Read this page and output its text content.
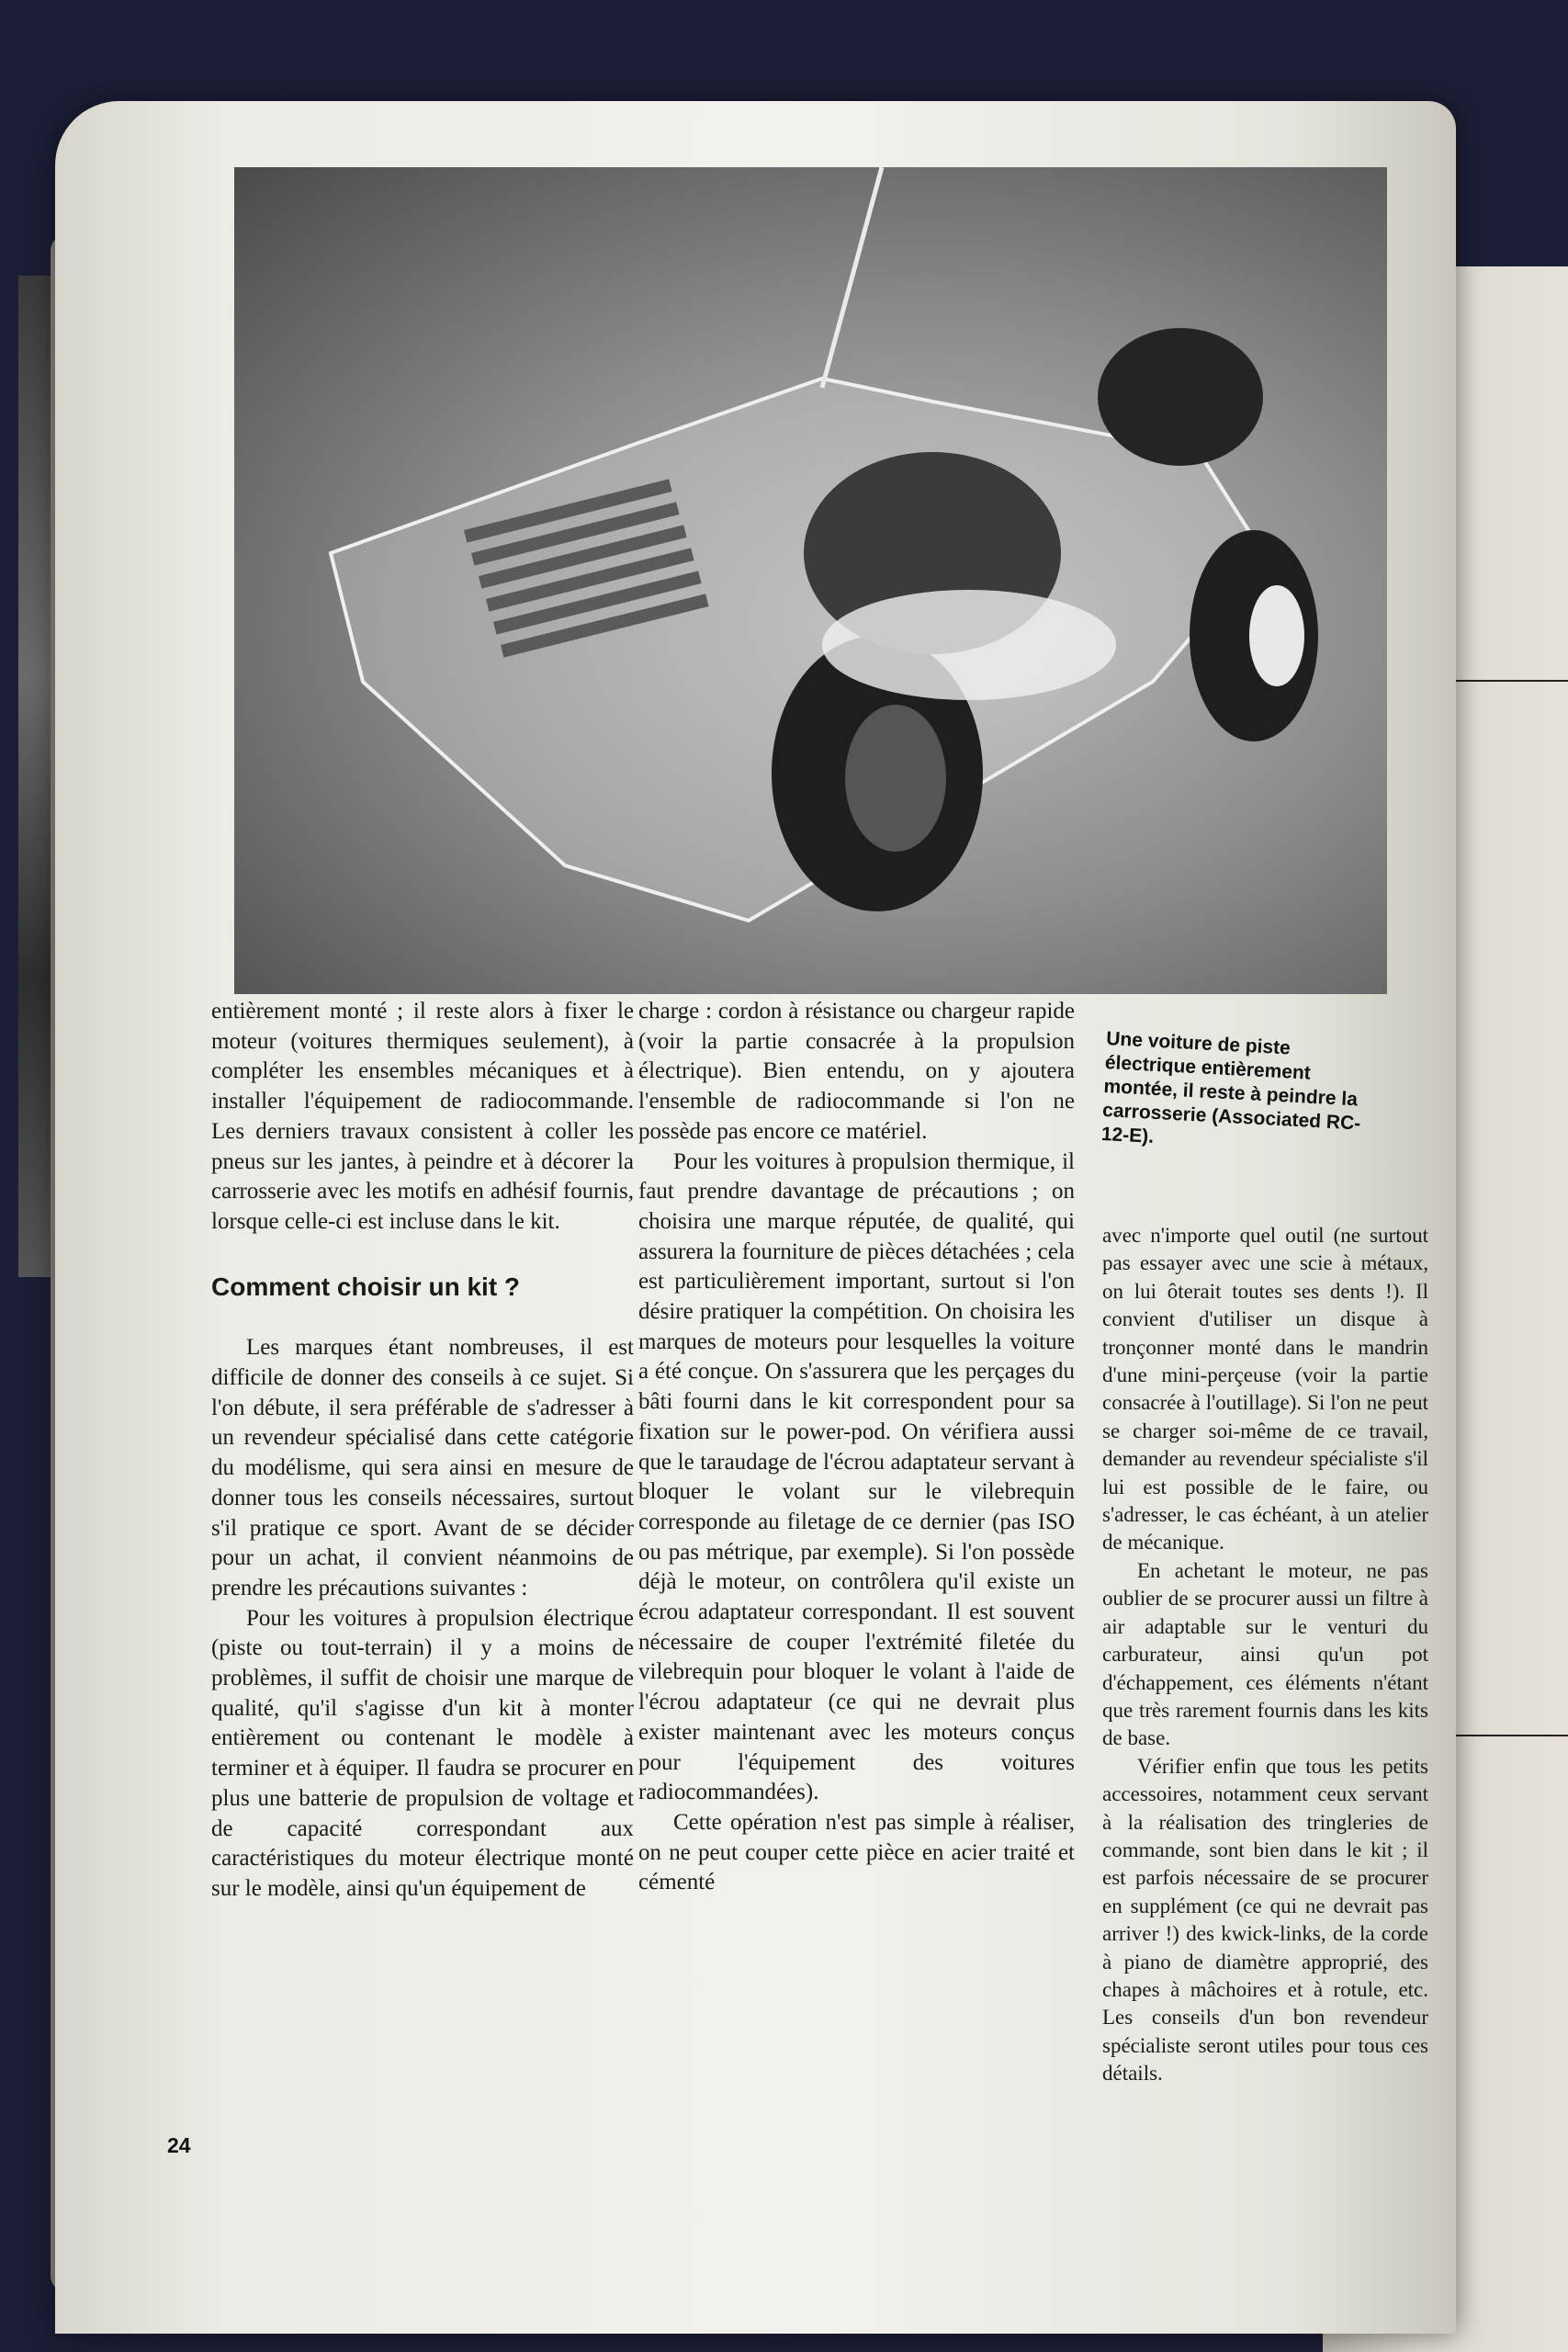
entièrement monté ; il reste alors à fixer le moteur (voitures thermiques seulement), à compléter les ensembles mécaniques et à installer l'équipement de radiocommande. Les derniers travaux consistent à coller les pneus sur les jantes, à peindre et à décorer la carrosserie avec les motifs en adhésif fournis, lorsque celle-ci est incluse dans le kit.

Comment choisir un kit ?

Les marques étant nombreuses, il est difficile de donner des conseils à ce sujet. Si l'on débute, il sera préférable de s'adresser à un revendeur spécialisé dans cette catégorie du modélisme, qui sera ainsi en mesure de donner tous les conseils nécessaires, surtout s'il pratique ce sport. Avant de se décider pour un achat, il convient néanmoins de prendre les précautions suivantes :

Pour les voitures à propulsion électrique (piste ou tout-terrain) il y a moins de problèmes, il suffit de choisir une marque de qualité, qu'il s'agisse d'un kit à monter entièrement ou contenant le modèle à terminer et à équiper. Il faudra se procurer en plus une batterie de propulsion de voltage et de capacité correspondant aux caractéristiques du moteur électrique monté sur le modèle, ainsi qu'un équipement de

charge : cordon à résistance ou chargeur rapide (voir la partie consacrée à la propulsion électrique). Bien entendu, on y ajoutera l'ensemble de radiocommande si l'on ne possède pas encore ce matériel.

Pour les voitures à propulsion thermique, il faut prendre davantage de précautions ; on choisira une marque réputée, de qualité, qui assurera la fourniture de pièces détachées ; cela est particulièrement important, surtout si l'on désire pratiquer la compétition. On choisira les marques de moteurs pour lesquelles la voiture a été conçue. On s'assurera que les perçages du bâti fourni dans le kit correspondent pour sa fixation sur le power-pod. On vérifiera aussi que le taraudage de l'écrou adaptateur servant à bloquer le volant sur le vilebrequin corresponde au filetage de ce dernier (pas ISO ou pas métrique, par exemple). Si l'on possède déjà le moteur, on contrôlera qu'il existe un écrou adaptateur correspondant. Il est souvent nécessaire de couper l'extrémité filetée du vilebrequin pour bloquer le volant à l'aide de l'écrou adaptateur (ce qui ne devrait plus exister maintenant avec les moteurs conçus pour l'équipement des voitures radiocommandées).

Cette opération n'est pas simple à réaliser, on ne peut couper cette pièce en acier traité et cémenté

Une voiture de piste électrique entièrement montée, il reste à peindre la carrosserie (Associated RC-12-E).

avec n'importe quel outil (ne surtout pas essayer avec une scie à métaux, on lui ôterait toutes ses dents !). Il convient d'utiliser un disque à tronçonner monté dans le mandrin d'une mini-perçeuse (voir la partie consacrée à l'outillage). Si l'on ne peut se charger soi-même de ce travail, demander au revendeur spécialiste s'il lui est possible de le faire, ou s'adresser, le cas échéant, à un atelier de mécanique.

En achetant le moteur, ne pas oublier de se procurer aussi un filtre à air adaptable sur le venturi du carburateur, ainsi qu'un pot d'échappement, ces éléments n'étant que très rarement fournis dans les kits de base.

Vérifier enfin que tous les petits accessoires, notamment ceux servant à la réalisation des tringleries de commande, sont bien dans le kit ; il est parfois nécessaire de se procurer en supplément (ce qui ne devrait pas arriver !) des kwick-links, de la corde à piano de diamètre approprié, des chapes à mâchoires et à rotule, etc. Les conseils d'un bon revendeur spécialiste seront utiles pour tous ces détails.

24
